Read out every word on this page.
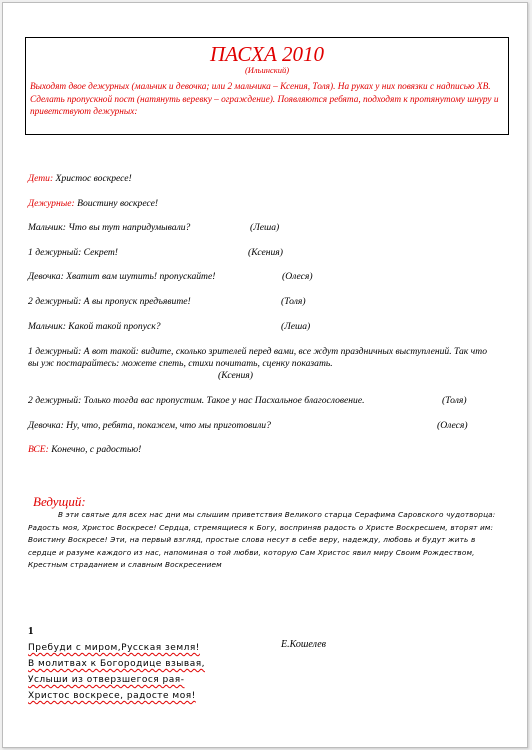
ПАСХА 2010
(Ильинский)
Выходят двое дежурных (мальчик и девочка; или 2 мальчика – Ксения, Толя). На руках у них повязки с надписью ХВ. Сделать пропускной пост (натянуть веревку – ограждение). Появляются ребята, подходят к протянутому шнуру и приветствуют дежурных:
Дети: Христос воскресе!
Дежурные: Воистину воскресе!
Мальчик: Что вы тут напридумывали?	(Леша)
1 дежурный: Секрет!	(Ксения)
Девочка: Хватит вам шутить! пропускайте!	(Олеся)
2 дежурный: А вы пропуск предъявите!	(Толя)
Мальчик: Какой такой пропуск?	(Леша)
1 дежурный: А вот такой: видите, сколько зрителей перед вами, все ждут праздничных выступлений. Так что вы уж постарайтесь: можете спеть, стихи почитать, сценку показать.
(Ксения)
2 дежурный: Только тогда вас пропустим. Такое у нас Пасхальное благословение.	(Толя)
Девочка: Ну, что, ребята, покажем, что мы приготовили?	(Олеся)
ВСЕ: Конечно, с радостью!
Ведущий:
В эти святые для всех нас дни мы слышим приветствия Великого старца Серафима Саровского чудотворца: Радость моя, Христос Воскресе! Сердца, стремящиеся к Богу, восприняв радость о Христе Воскресшем, вторят им: Воистину Воскресе! Эти, на первый взгляд, простые слова несут в себе веру, надежду, любовь и будут жить в сердце и разуме каждого из нас, напоминая о той любви, которую Сам Христос явил миру Своим Рождеством, Крестным страданием и славным Воскресением
1
Пребуди с миром,Русская земля!
В молитвах к Богородице взывая,
Услыши из отверзшегося рая-
Христос воскресе, радосте моя!
Е.Кошелев
